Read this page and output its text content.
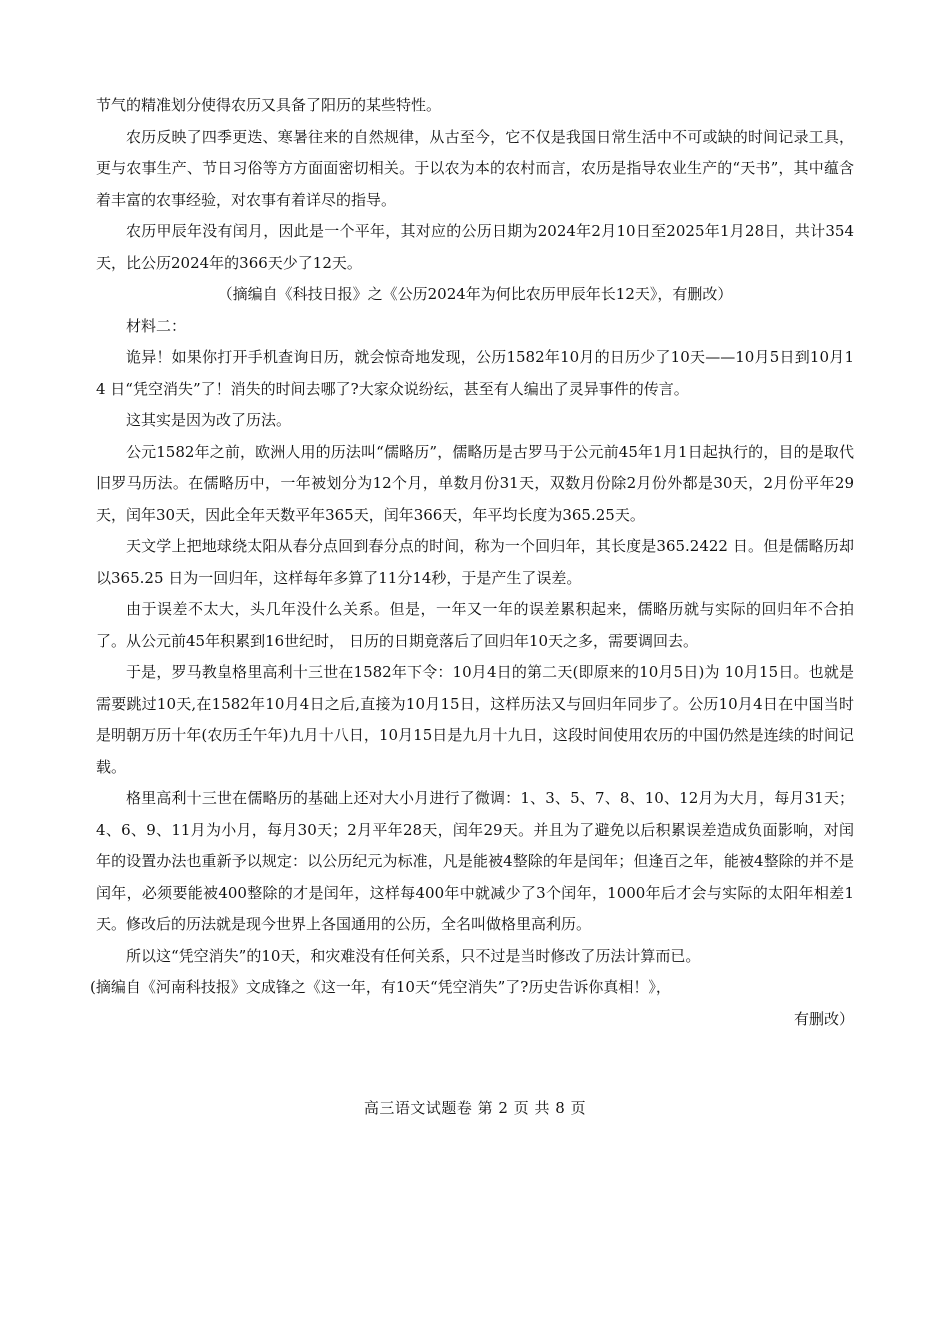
节气的精准划分使得农历又具备了阳历的某些特性。

农历反映了四季更迭、寒暑往来的自然规律，从古至今，它不仅是我国日常生活中不可或缺的时间记录工具，更与农事生产、节日习俗等方方面面密切相关。于以农为本的农村而言，农历是指导农业生产的“天书”，其中蕴含着丰富的农事经验，对农事有着详尽的指导。

农历甲辰年没有闰月，因此是一个平年，其对应的公历日期为2024年2月10日至2025年1月28日，共计354天，比公历2024年的366天少了12天。

（摘编自《科技日报》之《公历2024年为何比农历甲辰年长12天》，有删改）

材料二：

诡异！如果你打开手机查询日历，就会惊奇地发现，公历1582年10月的日历少了10天——10月5日到10月14 日“凭空消失”了！消失的时间去哪了?大家众说纷纭，甚至有人编出了灵异事件的传言。

这其实是因为改了历法。

公元1582年之前，欧洲人用的历法叫“儒略历”，儒略历是古罗马于公元前45年1月1日起执行的，目的是取代旧罗马历法。在儒略历中，一年被划分为12个月，单数月份31天，双数月份除2月份外都是30天，2月份平年29天，闰年30天，因此全年天数平年365天，闰年366天，年平均长度为365.25天。

天文学上把地球绕太阳从春分点回到春分点的时间，称为一个回归年，其长度是365.2422 日。但是儒略历却以365.25 日为一回归年，这样每年多算了11分14秒，于是产生了误差。

由于误差不太大，头几年没什么关系。但是，一年又一年的误差累积起来，儒略历就与实际的回归年不合拍了。从公元前45年积累到16世纪时， 日历的日期竟落后了回归年10天之多，需要调回去。

于是，罗马教皇格里高利十三世在1582年下令：10月4日的第二天(即原来的10月5日)为 10月15日。也就是需要跳过10天,在1582年10月4日之后,直接为10月15日，这样历法又与回归年同步了。公历10月4日在中国当时是明朝万历十年(农历壬午年)九月十八日，10月15日是九月十九日，这段时间使用农历的中国仍然是连续的时间记载。

格里高利十三世在儒略历的基础上还对大小月进行了微调：1、3、5、7、8、10、12月为大月，每月31天；4、6、9、11月为小月，每月30天；2月平年28天，闰年29天。并且为了避免以后积累误差造成负面影响，对闰年的设置办法也重新予以规定：以公历纪元为标准，凡是能被4整除的年是闰年；但逢百之年，能被4整除的并不是闰年，必须要能被400整除的才是闰年，这样每400年中就减少了3个闰年，1000年后才会与实际的太阳年相差1天。修改后的历法就是现今世界上各国通用的公历，全名叫做格里高利历。

所以这“凭空消失”的10天，和灾难没有任何关系，只不过是当时修改了历法计算而已。

(摘编自《河南科技报》文成锋之《这一年，有10天“凭空消失”了?历史告诉你真相！》，

有删改）

高三语文试题卷 第 2 页 共 8 页
